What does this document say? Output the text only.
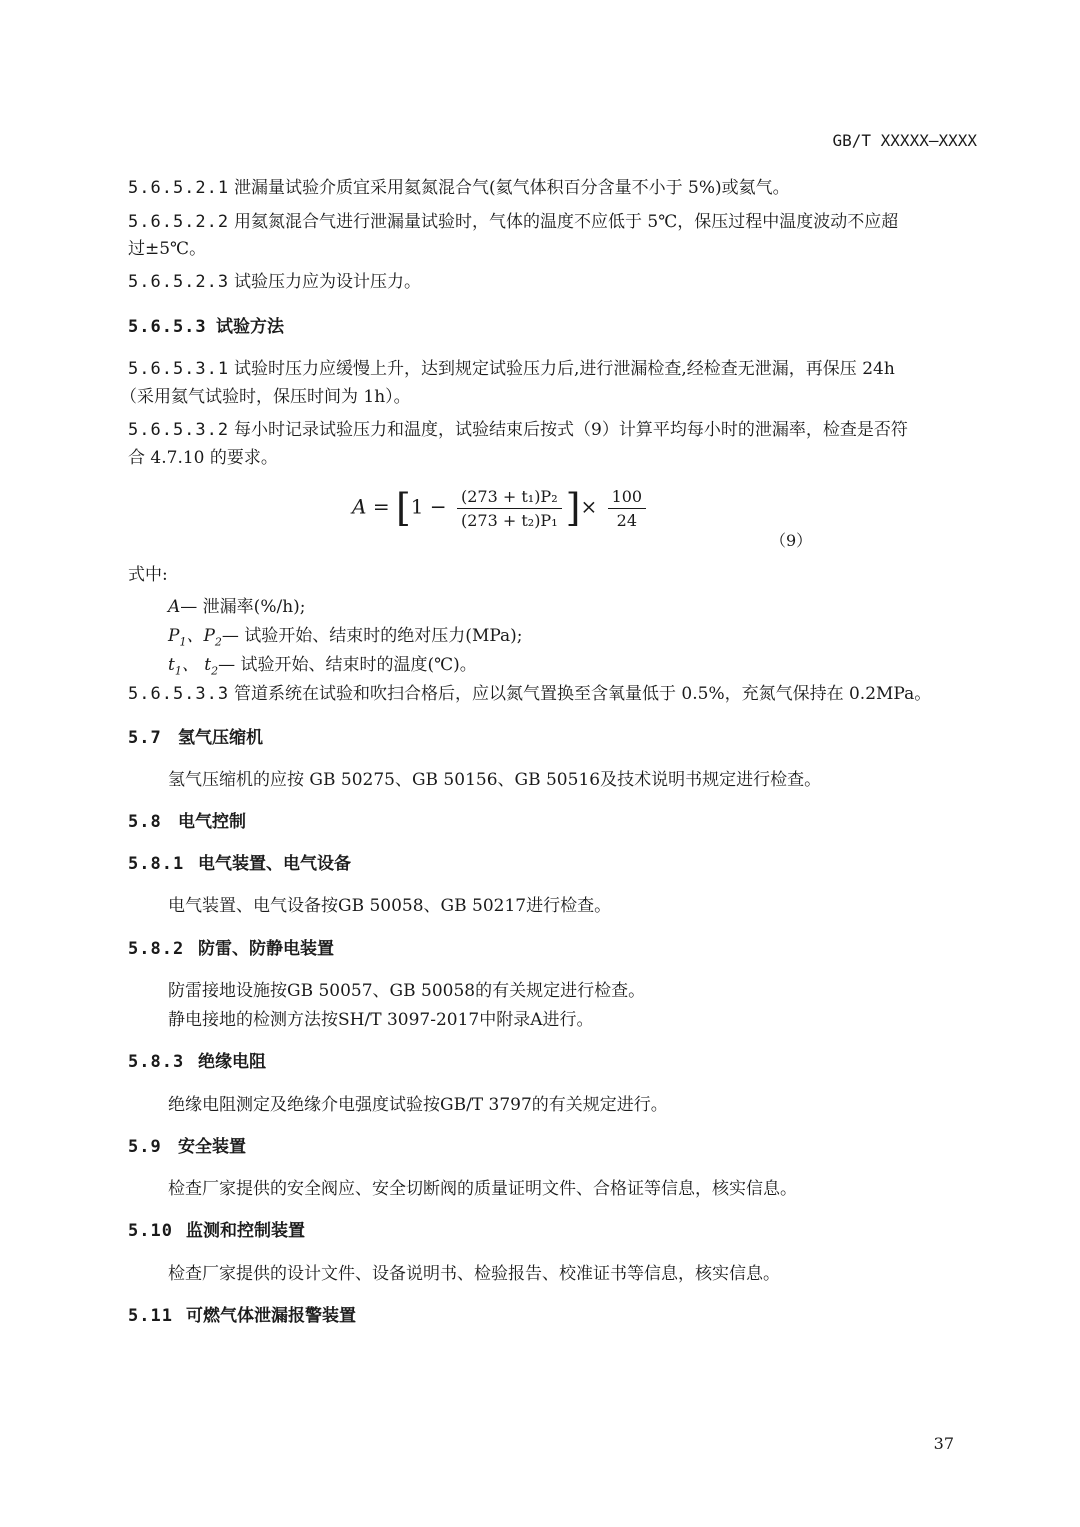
GB/T XXXXX—XXXX
5.6.5.2.1 泄漏量试验介质宜采用氦氮混合气(氦气体积百分含量不小于 5%)或氦气。
5.6.5.2.2 用氦氮混合气进行泄漏量试验时，气体的温度不应低于 5℃，保压过程中温度波动不应超
过±5℃。
5.6.5.2.3 试验压力应为设计压力。
5.6.5.3 试验方法
5.6.5.3.1 试验时压力应缓慢上升，达到规定试验压力后,进行泄漏检查,经检查无泄漏，再保压 24h
（采用氦气试验时，保压时间为 1h）。
5.6.5.3.2 每小时记录试验压力和温度，试验结束后按式（9）计算平均每小时的泄漏率，检查是否符
合 4.7.10 的要求。
$A = [1 - \frac{\text{(273 + t₁)P₂}}{\text{(273 + t₂)P₁}}$ ]× $\frac{100}{24}$
（9）
式中:
A— 泄漏率(%/h);
$P_1$、$P_2—$ 试验开始、结束时的绝对压力(MPa);
$t_1$、 $t_2—$ 试验开始、结束时的温度(℃)。
5.6.5.3.3 管道系统在试验和吹扫合格后，应以氮气置换至含氧量低于 0.5%，充氮气保持在 0.2MPa。
5.7 氢气压缩机
氢气压缩机的应按 GB 50275、GB 50156、GB 50516及技术说明书规定进行检查。
5.8 电气控制
5.8.1 电气装置、电气设备
电气装置、电气设备按GB 50058、GB 50217进行检查。
5.8.2 防雷、防静电装置
防雷接地设施按GB 50057、GB 50058的有关规定进行检查。
静电接地的检测方法按SH/T 3097-2017中附录A进行。
5.8.3 绝缘电阻
绝缘电阻测定及绝缘介电强度试验按GB/T 3797的有关规定进行。
5.9 安全装置
检查厂家提供的安全阀应、安全切断阀的质量证明文件、合格证等信息，核实信息。
5.10 监测和控制装置
检查厂家提供的设计文件、设备说明书、检验报告、校准证书等信息，核实信息。
5.11 可燃气体泄漏报警装置
37
